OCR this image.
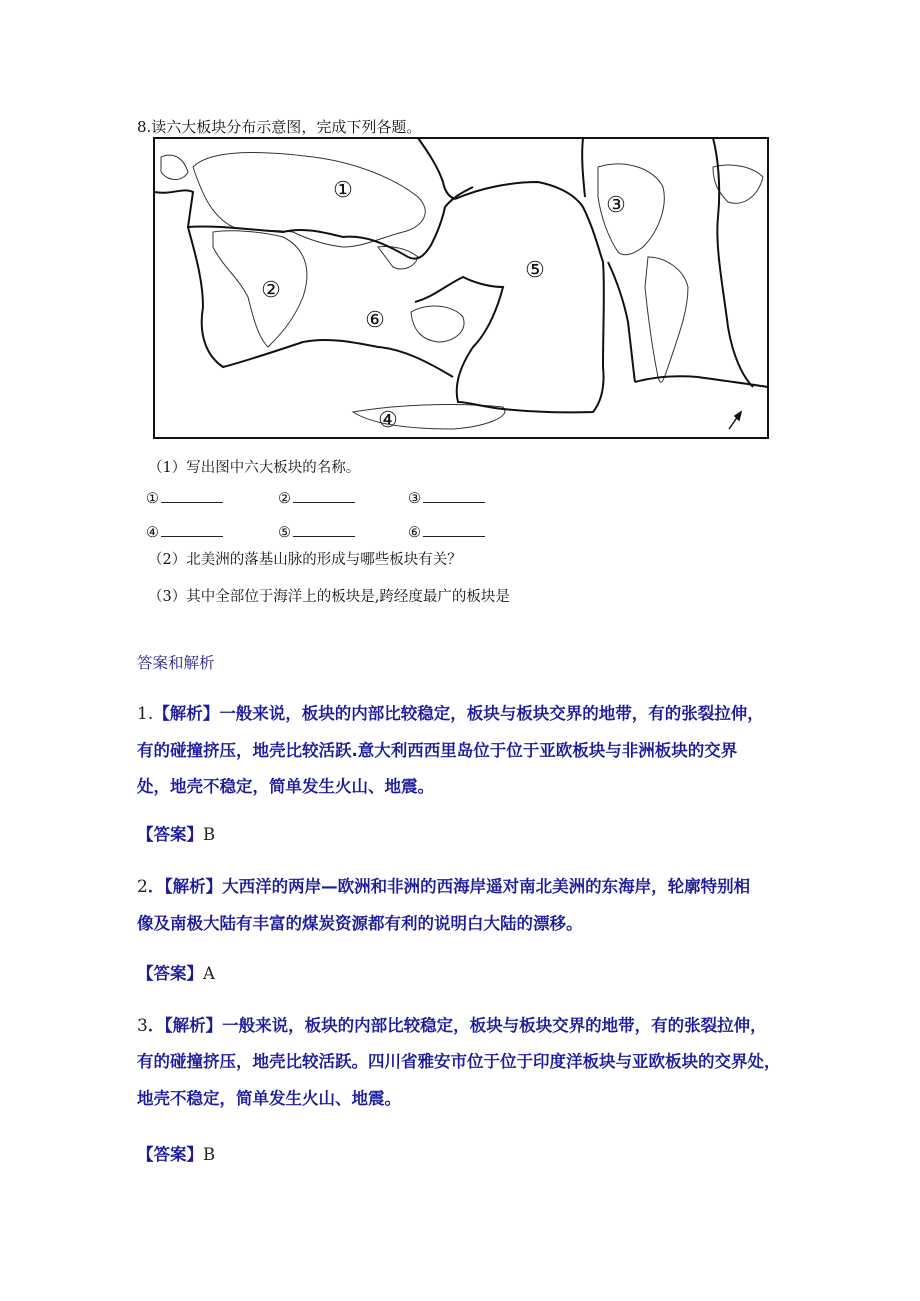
8.读六大板块分布示意图，完成下列各题。
①
②
③
④
⑤
⑥
（1）写出图中六大板块的名称。
①	②	③
④	⑤	⑥
（2）北美洲的落基山脉的形成与哪些板块有关？
（3）其中全部位于海洋上的板块是,跨经度最广的板块是
答案和解析
1.【解析】一般来说，板块的内部比较稳定，板块与板块交界的地带，有的张裂拉伸，
有的碰撞挤压，地壳比较活跃.意大利西西里岛位于位于亚欧板块与非洲板块的交界
处，地壳不稳定，简单发生火山、地震。
【答案】B
2．【解析】大西洋的两岸—欧洲和非洲的西海岸遥对南北美洲的东海岸，轮廓特别相
像及南极大陆有丰富的煤炭资源都有利的说明白大陆的漂移。
【答案】A
3．【解析】一般来说，板块的内部比较稳定，板块与板块交界的地带，有的张裂拉伸，
有的碰撞挤压，地壳比较活跃。四川省雅安市位于位于印度洋板块与亚欧板块的交界处，
地壳不稳定，简单发生火山、地震。
【答案】B
